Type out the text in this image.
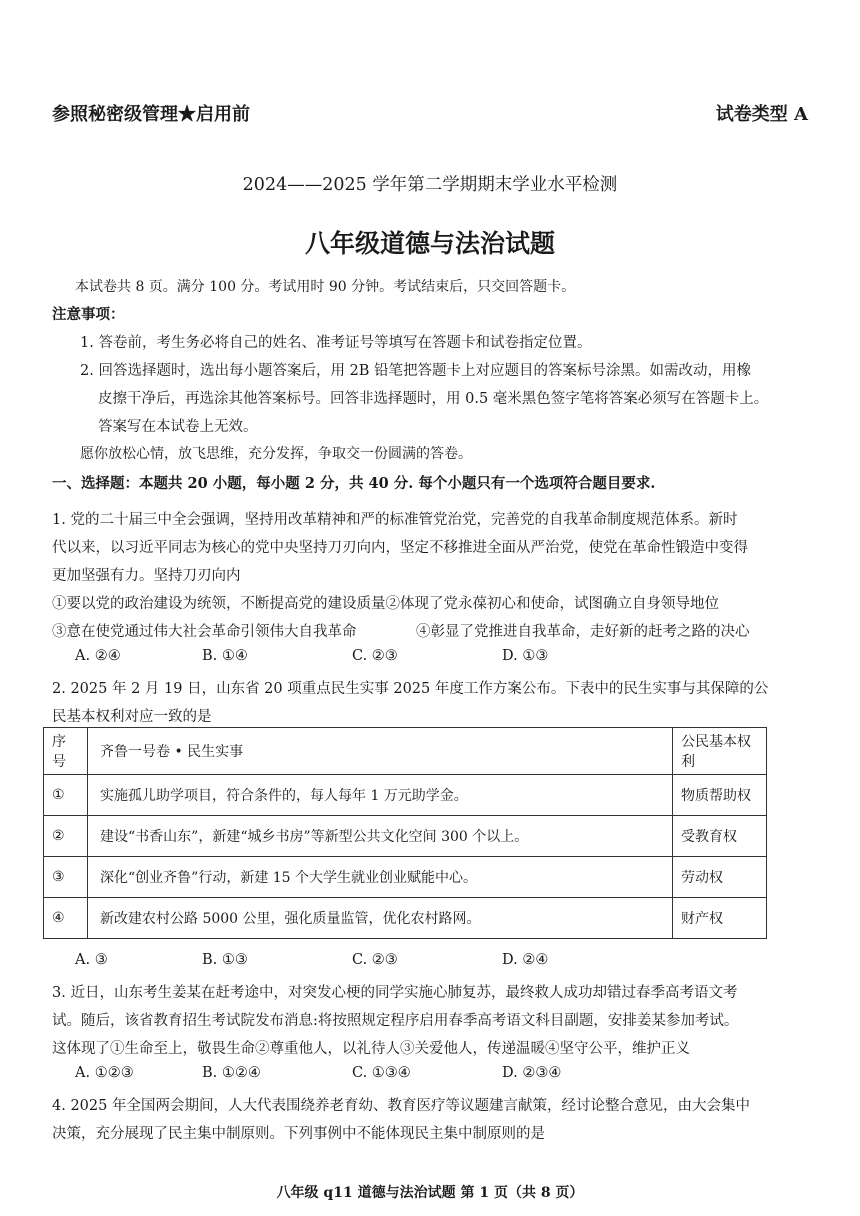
参照秘密级管理★启用前	试卷类型 A
2024——2025 学年第二学期期末学业水平检测
八年级道德与法治试题
本试卷共 8 页。满分 100 分。考试用时 90 分钟。考试结束后，只交回答题卡。
注意事项：
1. 答卷前，考生务必将自己的姓名、准考证号等填写在答题卡和试卷指定位置。
2. 回答选择题时，选出每小题答案后，用 2B 铅笔把答题卡上对应题目的答案标号涂黑。如需改动，用橡
皮擦干净后，再选涂其他答案标号。回答非选择题时，用 0.5 毫米黑色签字笔将答案必须写在答题卡上。
答案写在本试卷上无效。
愿你放松心情，放飞思维，充分发挥，争取交一份圆满的答卷。
一、选择题：本题共 20 小题，每小题 2 分，共 40 分. 每个小题只有一个选项符合题目要求.
1. 党的二十届三中全会强调，坚持用改革精神和严的标准管党治党，完善党的自我革命制度规范体系。新时
代以来，以习近平同志为核心的党中央坚持刀刃向内，坚定不移推进全面从严治党，使党在革命性锻造中变得
更加坚强有力。坚持刀刃向内
①要以党的政治建设为统领，不断提高党的建设质量②体现了党永葆初心和使命，试图确立自身领导地位
③意在使党通过伟大社会革命引领伟大自我革命	④彰显了党推进自我革命，走好新的赶考之路的决心
A. ②④	B. ①④	C. ②③	D. ①③
2. 2025 年 2 月 19 日，山东省 20 项重点民生实事 2025 年度工作方案公布。下表中的民生实事与其保障的公
民基本权利对应一致的是
序号	齐鲁一号卷 • 民生实事	公民基本权利
①	实施孤儿助学项目，符合条件的，每人每年 1 万元助学金。	物质帮助权
②	建设“书香山东”，新建“城乡书房”等新型公共文化空间 300 个以上。	受教育权
③	深化“创业齐鲁”行动，新建 15 个大学生就业创业赋能中心。	劳动权
④	新改建农村公路 5000 公里，强化质量监管，优化农村路网。	财产权
A. ③	B. ①③	C. ②③	D. ②④
3. 近日，山东考生姜某在赶考途中，对突发心梗的同学实施心肺复苏，最终救人成功却错过春季高考语文考
试。随后，该省教育招生考试院发布消息:将按照规定程序启用春季高考语文科目副题，安排姜某参加考试。
这体现了①生命至上，敬畏生命②尊重他人，以礼待人③关爱他人，传递温暖④坚守公平，维护正义
A. ①②③	B. ①②④	C. ①③④	D. ②③④
4. 2025 年全国两会期间，人大代表围绕养老育幼、教育医疗等议题建言献策，经讨论整合意见，由大会集中
决策，充分展现了民主集中制原则。下列事例中不能体现民主集中制原则的是
八年级 q11 道德与法治试题 第 1 页（共 8 页）
